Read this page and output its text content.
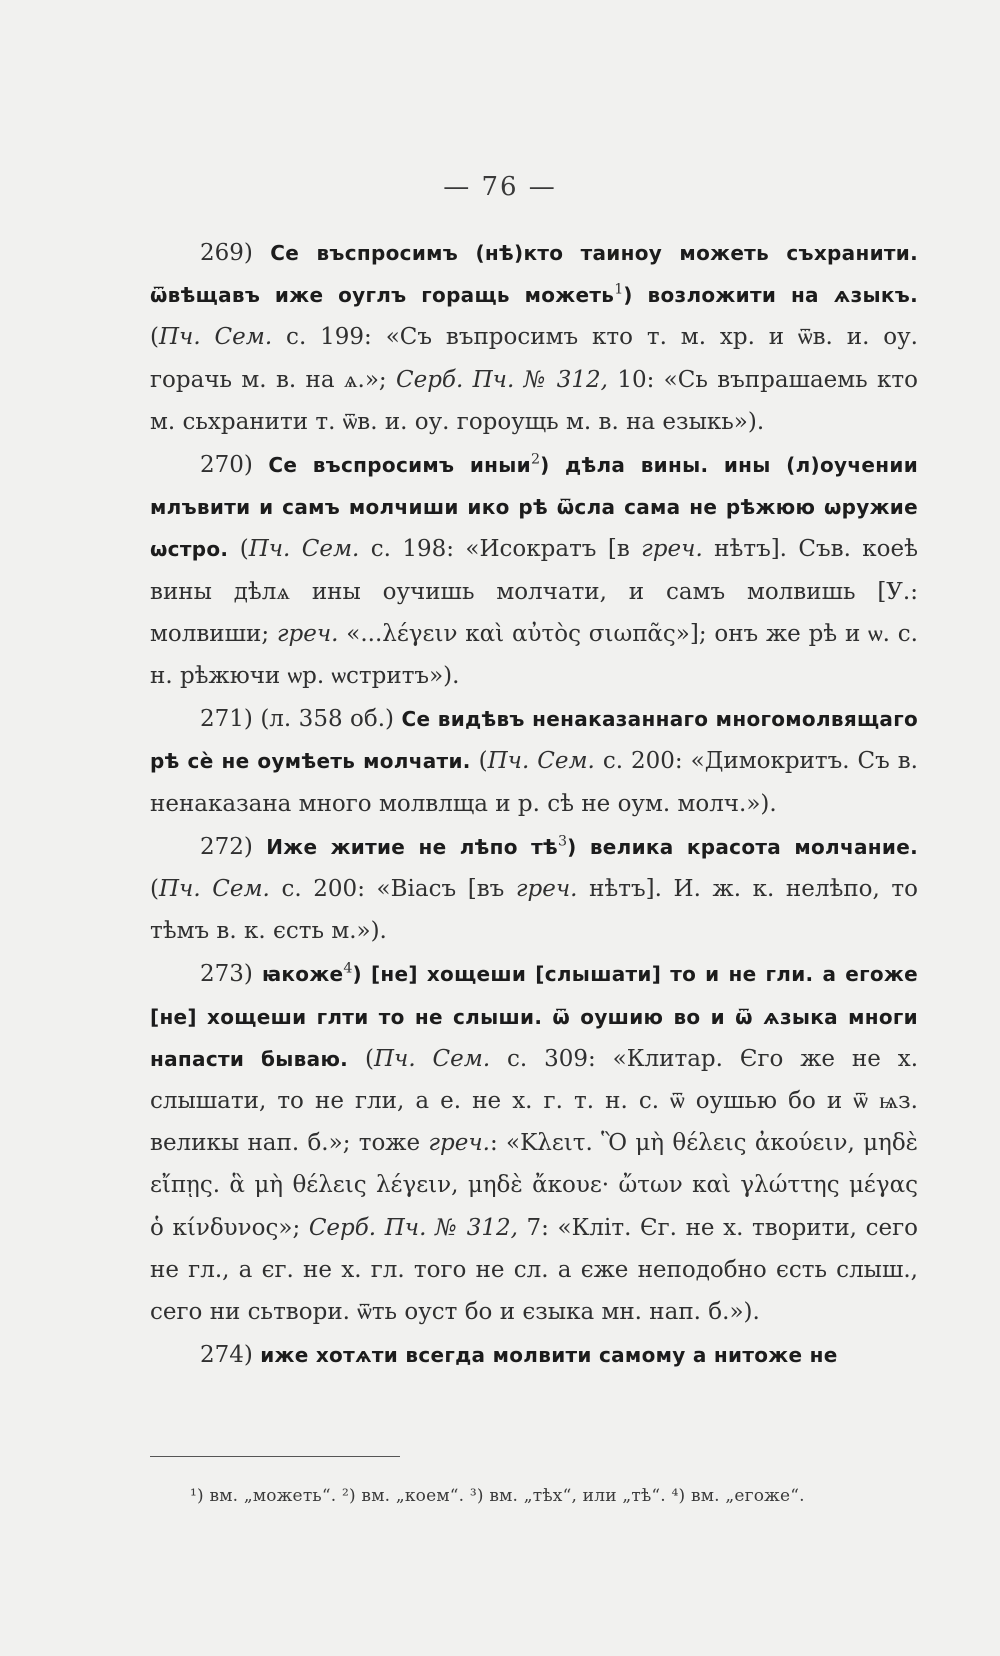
— 76 —

269) Се въспросимъ (нѣ)кто таиноу можеть съхранити. ѿвѣщавъ иже оуглъ горащь можеть$^1$) возложити на ѧзыкъ. (Пч. Сем. с. 199: «Съ въпросимъ кто т. м. хр. и ѿв. и. оу. горачь м. в. на ѧ.»; Серб. Пч. № 312, 10: «Сь въпрашаемь кто м. сьхранити т. ѿв. и. оу. гороущь м. в. на езыкь»).

270) Се въспросимъ иныи$^2$) дѣла вины. ины (л)оучении млъвити и самъ молчиши ико рѣ ѿсла сама не рѣжюю ѡружие ѡстро. (Пч. Сем. с. 198: «Исократъ [в греч. нѣтъ]. Съв. коеѣ вины дѣлѧ ины оучишь молчати, и самъ молвишь [У.: молвиши; греч. «...λέγειν καὶ αὐτὸς σιωπᾶς»]; онъ же рѣ и ѡ. с. н. рѣжючи ѡр. ѡстритъ»).

271) (л. 358 об.) Се видѣвъ ненаказаннаго многомолвящаго рѣ сѐ не оумѣеть молчати. (Пч. Сем. с. 200: «Димокритъ. Съ в. ненаказана много молвлща и р. сѣ не оум. молч.»).

272) Иже житие не лѣпо $тѣ^3$) велика красота молчание. (Пч. Сем. с. 200: «Віасъ [въ греч. нѣтъ]. И. ж. к. нелѣпо, то тѣмъ в. к. єсть м.»).

273) ꙗкоже$^4$) [не] хощеши [слышати] то и не гли. а егоже [не] хощеши глти то не слыши. ѿ оушию во и ѿ ѧзыка многи напасти бываю. (Пч. Сем. с. 309: «Клитар. Єго же не х. слышати, то не гли, а е. не х. г. т. н. с. ѿ оушью бо и ѿ ѩз. великы нап. б.»; тоже греч.: «Κλειτ. Ὃ μὴ θέλεις ἀκούειν, μηδὲ εἴπῃς. ἃ μὴ θέλεις λέγειν, μηδὲ ἄκουε· ὤτων καὶ γλώττης μέγας ὁ κίνδυνος»; Серб. Пч. № 312, 7: «Кліт. Єг. не х. творити, сего не гл., а єг. не х. гл. того не сл. а єже неподобно єсть слыш., сего ни сьтвори. ѿть оуст бо и єзыка мн. нап. б.»).

274) иже хотѧти всегда молвити самому а нитоже не

¹) вм. „можеть“. ²) вм. „коем“. ³) вм. „тѣх“, или „тѣ“. ⁴) вм. „егоже“.
